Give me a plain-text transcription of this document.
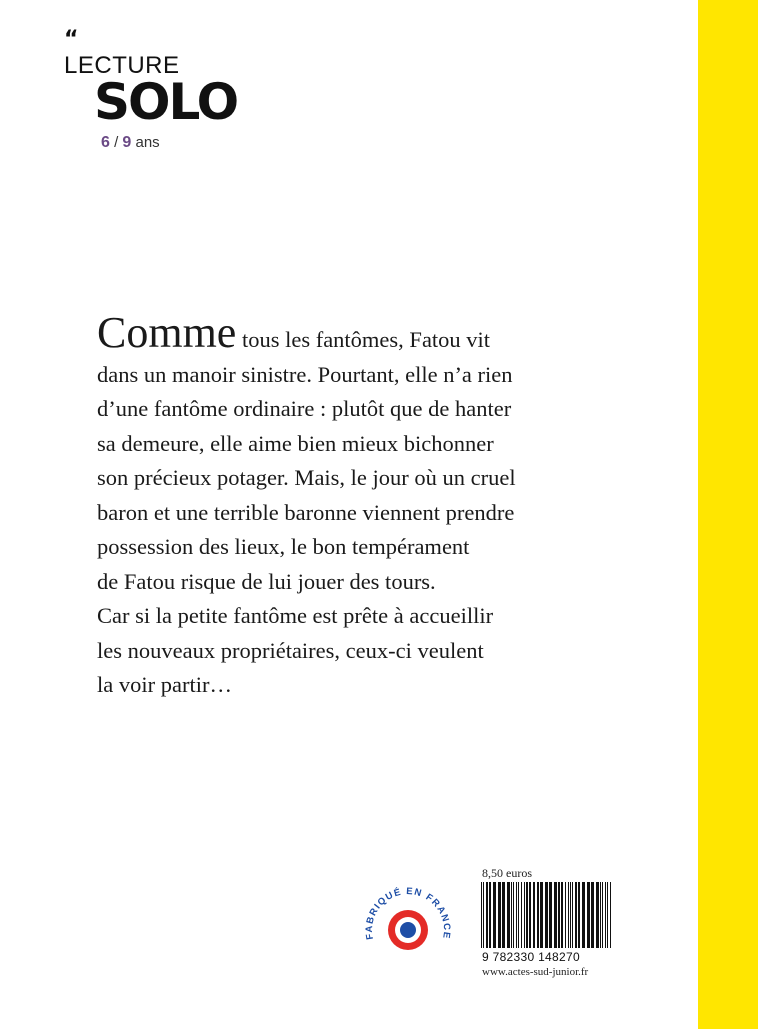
“
LECTURE
SOLO
6 / 9 ans
Comme tous les fantômes, Fatou vit
dans un manoir sinistre. Pourtant, elle n’a rien
d’une fantôme ordinaire : plutôt que de hanter
sa demeure, elle aime bien mieux bichonner
son précieux potager. Mais, le jour où un cruel
baron et une terrible baronne viennent prendre
possession des lieux, le bon tempérament
de Fatou risque de lui jouer des tours.
Car si la petite fantôme est prête à accueillir
les nouveaux propriétaires, ceux-ci veulent
la voir partir…
FABRIQUÉ EN FRANCE
8,50 euros
9 782330 148270
www.actes-sud-junior.fr
